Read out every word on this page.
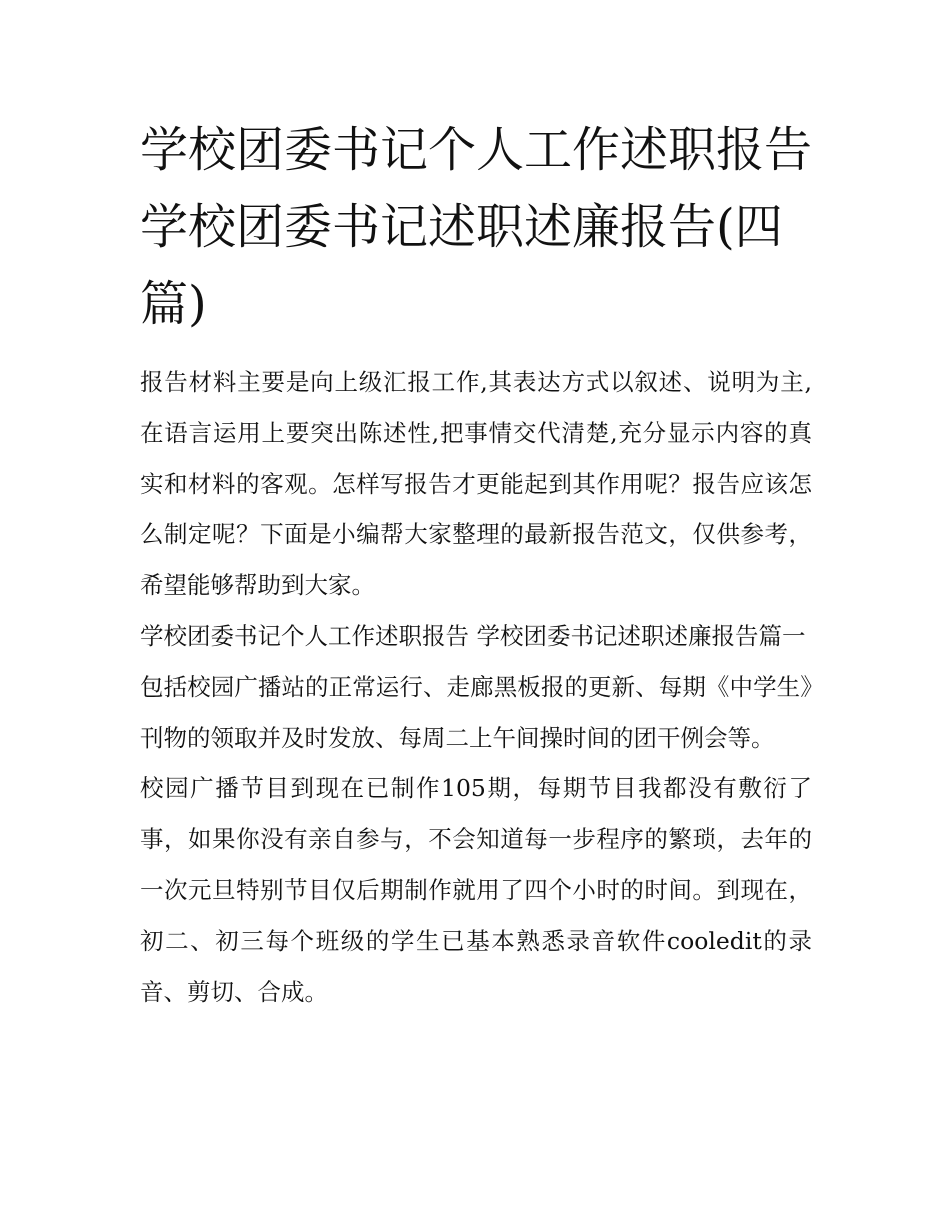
学校团委书记个人工作述职报告 学校团委书记述职述廉报告(四篇)

报告材料主要是向上级汇报工作,其表达方式以叙述、说明为主,在语言运用上要突出陈述性,把事情交代清楚,充分显示内容的真实和材料的客观。怎样写报告才更能起到其作用呢？报告应该怎么制定呢？下面是小编帮大家整理的最新报告范文，仅供参考，希望能够帮助到大家。

学校团委书记个人工作述职报告 学校团委书记述职述廉报告篇一

包括校园广播站的正常运行、走廊黑板报的更新、每期《中学生》刊物的领取并及时发放、每周二上午间操时间的团干例会等。

校园广播节目到现在已制作105期，每期节目我都没有敷衍了事，如果你没有亲自参与，不会知道每一步程序的繁琐，去年的一次元旦特别节目仅后期制作就用了四个小时的时间。到现在，初二、初三每个班级的学生已基本熟悉录音软件cooledit的录音、剪切、合成。
